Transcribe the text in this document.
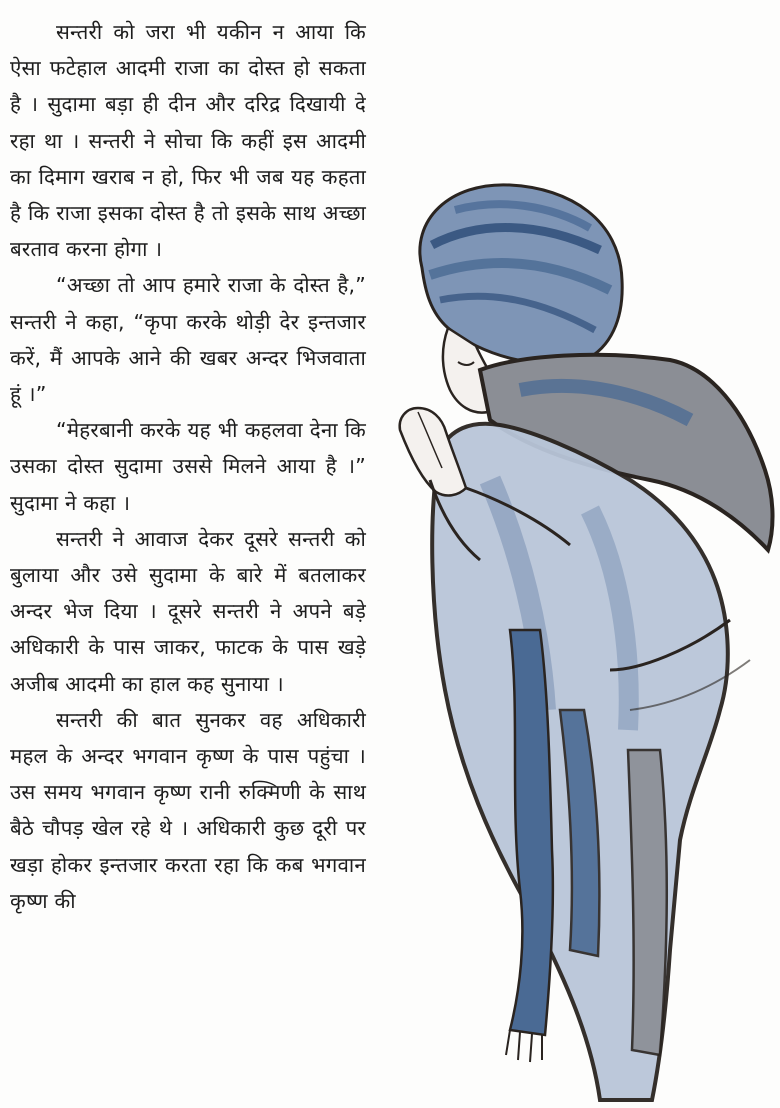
सन्तरी को जरा भी यकीन न आया कि ऐसा फटेहाल आदमी राजा का दोस्त हो सकता है । सुदामा बड़ा ही दीन और दरिद्र दिखायी दे रहा था । सन्तरी ने सोचा कि कहीं इस आदमी का दिमाग खराब न हो, फिर भी जब यह कहता है कि राजा इसका दोस्त है तो इसके साथ अच्छा बरताव करना होगा ।

“अच्छा तो आप हमारे राजा के दोस्त है,” सन्तरी ने कहा, “कृपा करके थोड़ी देर इन्तजार करें, मैं आपके आने की खबर अन्दर भिजवाता हूं ।”

“मेहरबानी करके यह भी कहलवा देना कि उसका दोस्त सुदामा उससे मिलने आया है ।” सुदामा ने कहा ।

सन्तरी ने आवाज देकर दूसरे सन्तरी को बुलाया और उसे सुदामा के बारे में बतलाकर अन्दर भेज दिया । दूसरे सन्तरी ने अपने बड़े अधिकारी के पास जाकर, फाटक के पास खड़े अजीब आदमी का हाल कह सुनाया ।

सन्तरी की बात सुनकर वह अधिकारी महल के अन्दर भगवान कृष्ण के पास पहुंचा । उस समय भगवान कृष्ण रानी रुक्मिणी के साथ बैठे चौपड़ खेल रहे थे । अधिकारी कुछ दूरी पर खड़ा होकर इन्तजार करता रहा कि कब भगवान कृष्ण की
